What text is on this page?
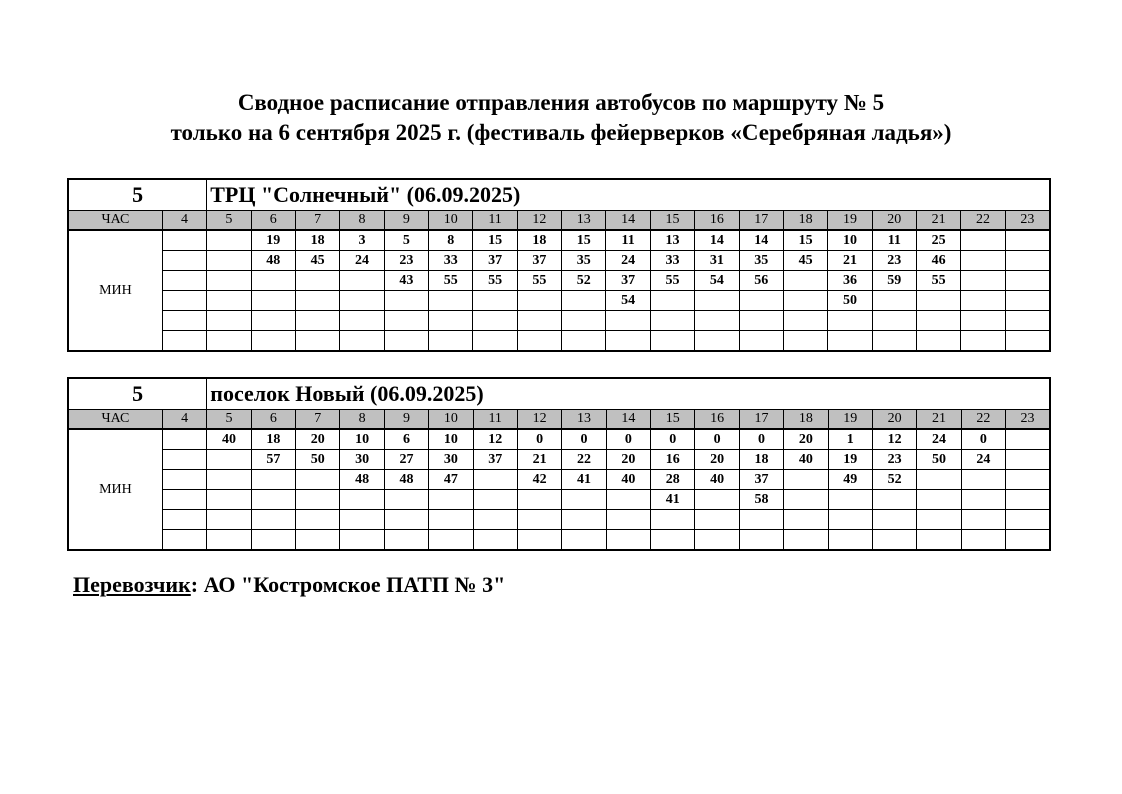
Сводное расписание отправления автобусов по маршруту № 5
только на 6 сентября 2025 г. (фестиваль фейерверков «Серебряная ладья»)
5		ТРЦ "Солнечный" (06.09.2025)																		
ЧАС	4	5	6	7	8	9	10	11	12	13	14	15	16	17	18	19	20	21	22	23
МИН			19	18	3	5	8	15	18	15	11	13	14	14	15	10	11	25		
			48	45	24	23	33	37	37	35	24	33	31	35	45	21	23	46		
						43	55	55	55	52	37	55	54	56		36	59	55		
											54					50				

5		поселок Новый (06.09.2025)																		
ЧАС	4	5	6	7	8	9	10	11	12	13	14	15	16	17	18	19	20	21	22	23
МИН		40	18	20	10	6	10	12	0	0	0	0	0	0	20	1	12	24	0	
			57	50	30	27	30	37	21	22	20	16	20	18	40	19	23	50	24	
					48	48	47		42	41	40	28	40	37		49	52			
												41		58						

Перевозчик: АО "Костромское ПАТП № 3"
